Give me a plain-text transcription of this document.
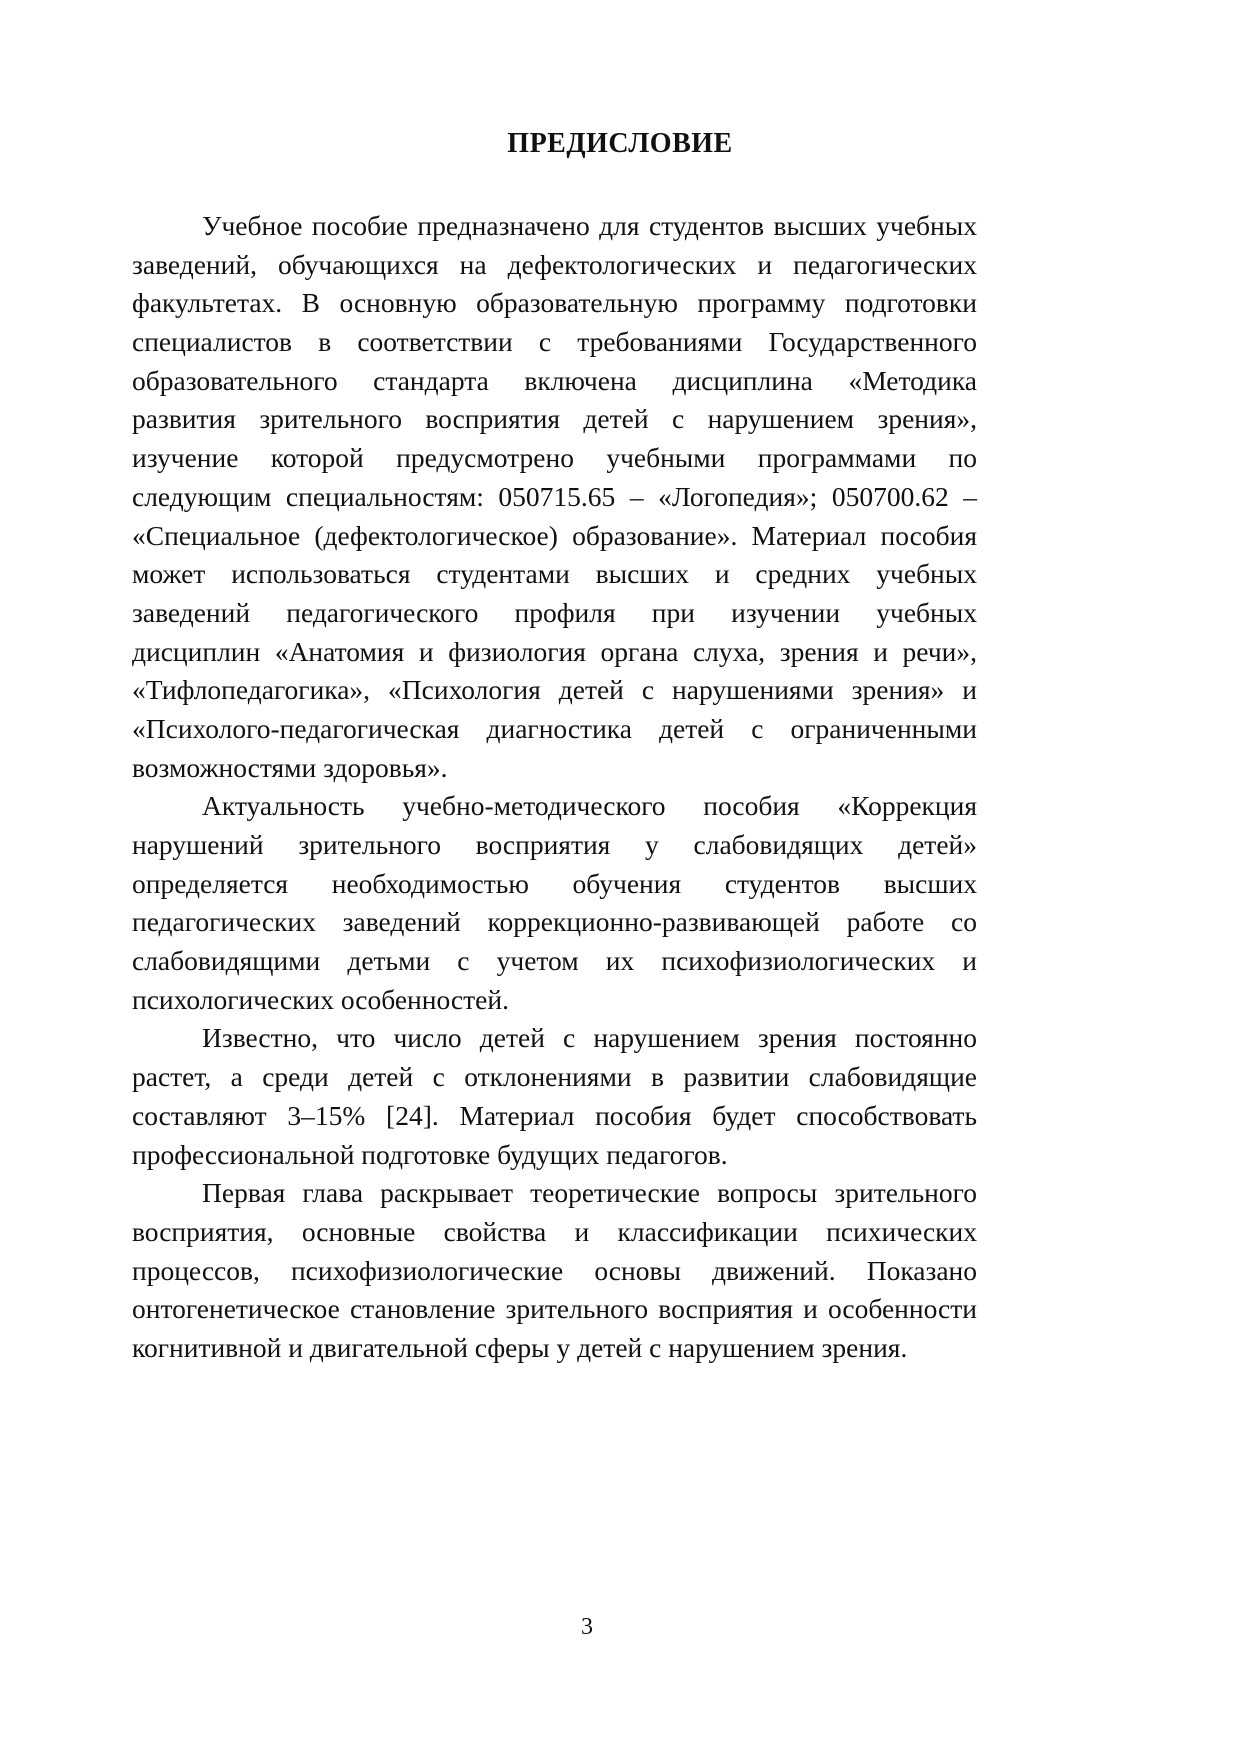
ПРЕДИСЛОВИЕ
Учебное пособие предназначено для студентов высших учебных
заведений, обучающихся на дефектологических и педагогических
факультетах. В основную образовательную программу подготовки
специалистов в соответствии с требованиями Государственного
образовательного стандарта включена дисциплина «Методика
развития зрительного восприятия детей с нарушением зрения»,
изучение которой предусмотрено учебными программами по
следующим специальностям: 050715.65 – «Логопедия»; 050700.62 –
«Специальное (дефектологическое) образование». Материал пособия
может использоваться студентами высших и средних учебных
заведений педагогического профиля при изучении учебных
дисциплин «Анатомия и физиология органа слуха, зрения и речи»,
«Тифлопедагогика», «Психология детей с нарушениями зрения» и
«Психолого-педагогическая диагностика детей с ограниченными
возможностями здоровья».
Актуальность учебно-методического пособия «Коррекция
нарушений зрительного восприятия у слабовидящих детей»
определяется необходимостью обучения студентов высших
педагогических заведений коррекционно-развивающей работе со
слабовидящими детьми с учетом их психофизиологических и
психологических особенностей.
Известно, что число детей с нарушением зрения постоянно
растет, а среди детей с отклонениями в развитии слабовидящие
составляют 3–15% [24]. Материал пособия будет способствовать
профессиональной подготовке будущих педагогов.
Первая глава раскрывает теоретические вопросы зрительного
восприятия, основные свойства и классификации психических
процессов, психофизиологические основы движений. Показано
онтогенетическое становление зрительного восприятия и особенности
когнитивной и двигательной сферы у детей с нарушением зрения.
3
